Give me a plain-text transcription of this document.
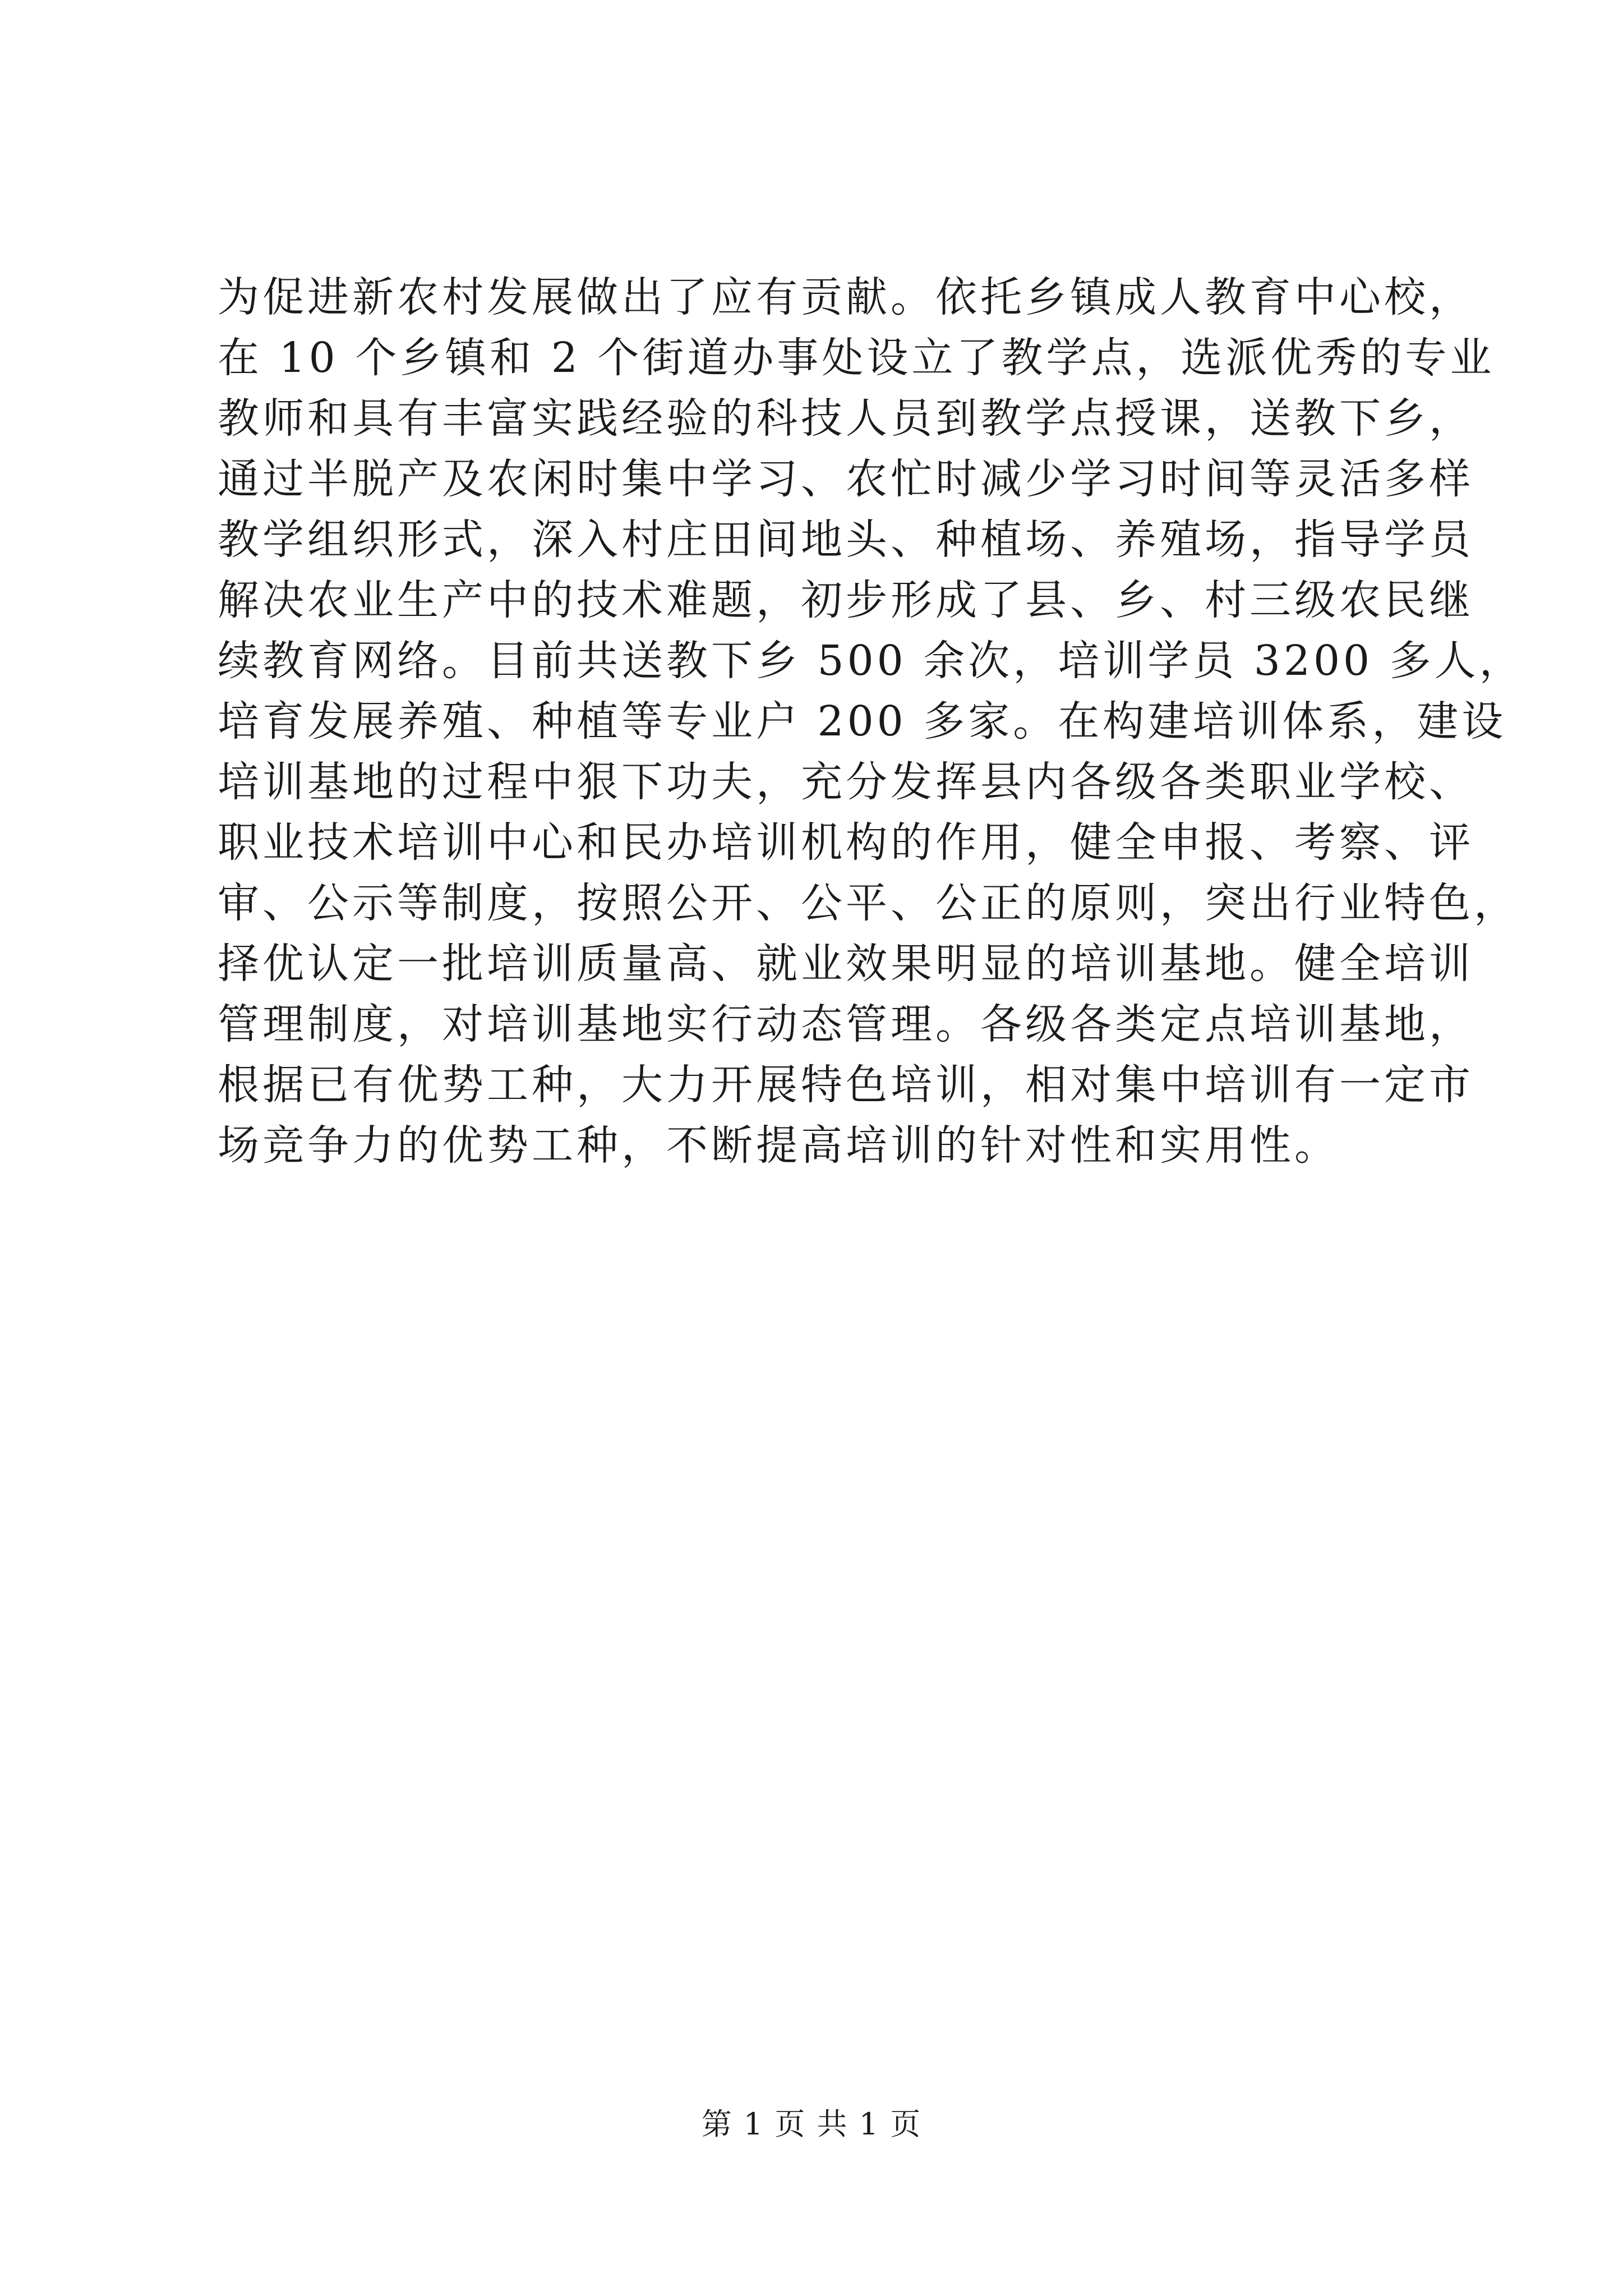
为促进新农村发展做出了应有贡献。依托乡镇成人教育中心校，
在 10 个乡镇和 2 个街道办事处设立了教学点，选派优秀的专业
教师和具有丰富实践经验的科技人员到教学点授课，送教下乡，
通过半脱产及农闲时集中学习、农忙时减少学习时间等灵活多样
教学组织形式，深入村庄田间地头、种植场、养殖场，指导学员
解决农业生产中的技术难题，初步形成了县、乡、村三级农民继
续教育网络。目前共送教下乡 500 余次，培训学员 3200 多人，
培育发展养殖、种植等专业户 200 多家。在构建培训体系，建设
培训基地的过程中狠下功夫，充分发挥县内各级各类职业学校、
职业技术培训中心和民办培训机构的作用，健全申报、考察、评
审、公示等制度，按照公开、公平、公正的原则，突出行业特色，
择优认定一批培训质量高、就业效果明显的培训基地。健全培训
管理制度，对培训基地实行动态管理。各级各类定点培训基地，
根据已有优势工种，大力开展特色培训，相对集中培训有一定市
场竞争力的优势工种，不断提高培训的针对性和实用性。
第 1 页 共 1 页
